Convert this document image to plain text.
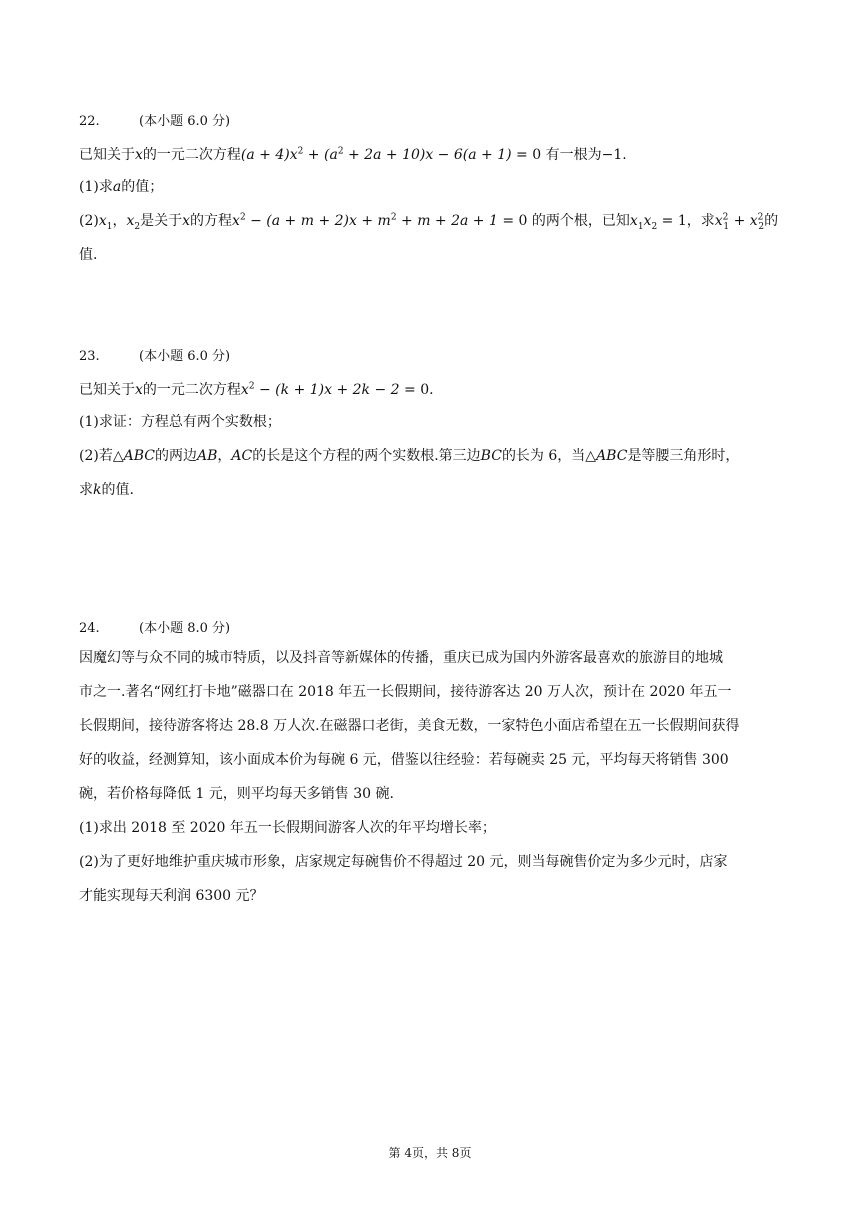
22.	(本小题 6.0 分)
已知关于x的一元二次方程$(a + 4)x^2 + (a^2 + 2a + 10)x - 6(a + 1) = 0$ 有一根为−1.
(1)求a的值；
$(2)x_1$，$x_2$是关于x的方程$x^2 - (a + m + 2)x + m^2 + m + 2a + 1 = 0$ 的两个根，已知$x_1x_2 = 1$，求$x^2_1 + x^2_2$的
值.
23.	(本小题 6.0 分)
已知关于x的一元二次方程$x^2 - (k + 1)x + 2k - 2 = 0$.
(1)求证：方程总有两个实数根；
(2)若△ABC的两边AB，AC的长是这个方程的两个实数根.第三边BC的长为 6，当△ABC是等腰三角形时，
求k的值.
24.	(本小题 8.0 分)
因魔幻等与众不同的城市特质，以及抖音等新媒体的传播，重庆已成为国内外游客最喜欢的旅游目的地城
市之一.著名“网红打卡地”磁器口在 2018 年五一长假期间，接待游客达 20 万人次，预计在 2020 年五一
长假期间，接待游客将达 28.8 万人次.在磁器口老街，美食无数，一家特色小面店希望在五一长假期间获得
好的收益，经测算知，该小面成本价为每碗 6 元，借鉴以往经验：若每碗卖 25 元，平均每天将销售 300
碗，若价格每降低 1 元，则平均每天多销售 30 碗.
(1)求出 2018 至 2020 年五一长假期间游客人次的年平均增长率；
(2)为了更好地维护重庆城市形象，店家规定每碗售价不得超过 20 元，则当每碗售价定为多少元时，店家
才能实现每天利润 6300 元？
第 4页，共 8页
